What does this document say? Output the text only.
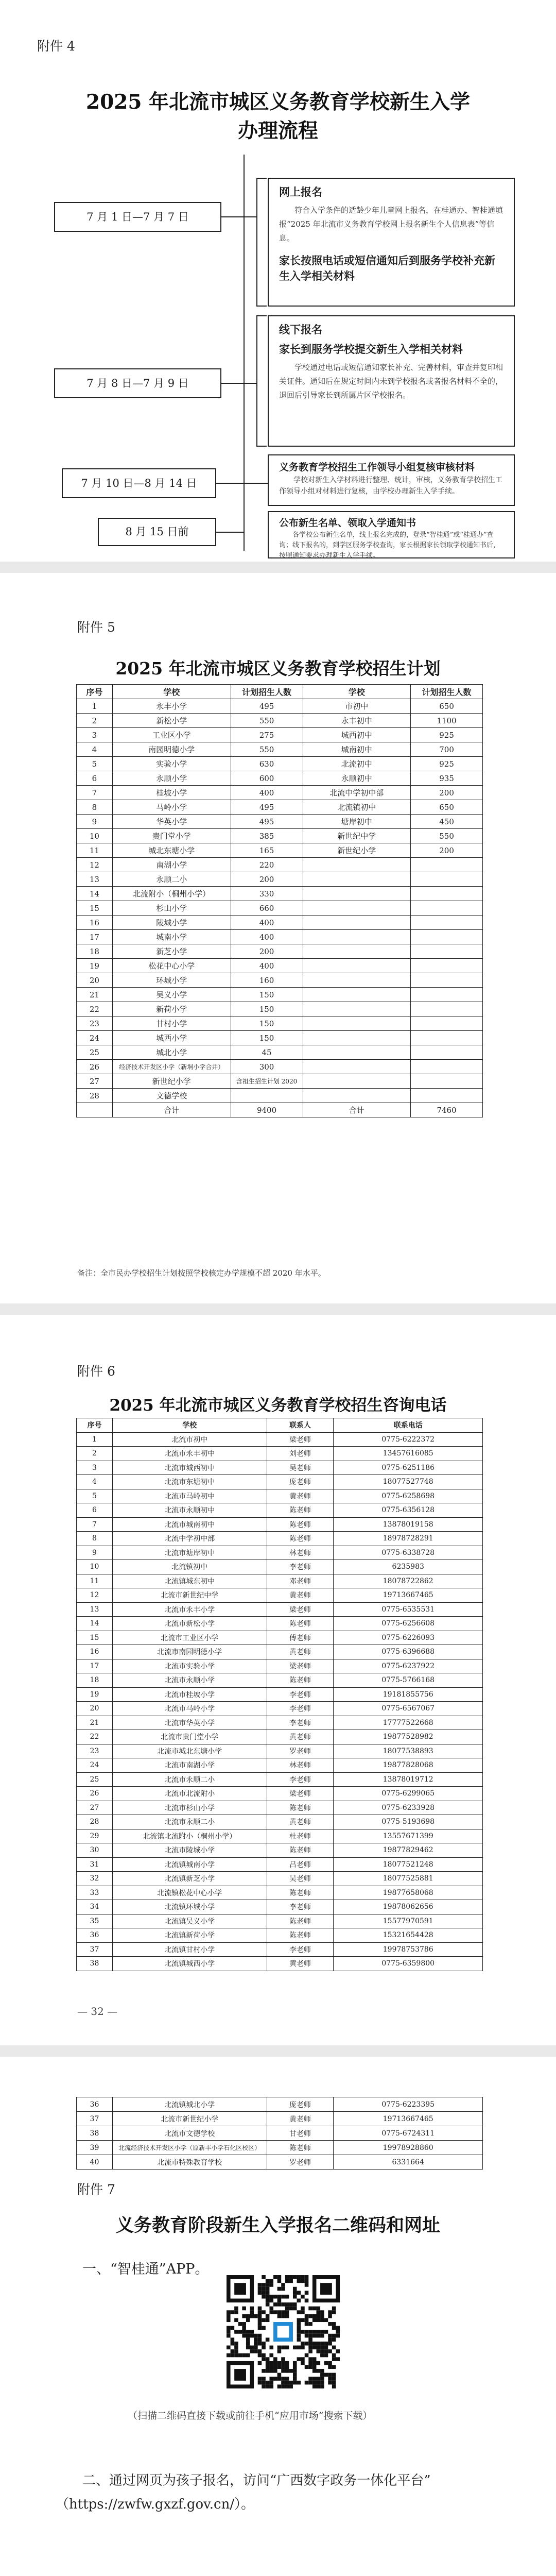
附件 4
2025 年北流市城区义务教育学校新生入学
办理流程
7 月 1 日—7 月 7 日
7 月 8 日—7 月 9 日
7 月 10 日—8 月 14 日
8 月 15 日前
网上报名
符合入学条件的适龄少年儿童网上报名，在桂通办、智桂通填报“2025 年北流市义务教育学校网上报名新生个人信息表”等信息。
家长按照电话或短信通知后到服务学校补充新生入学相关材料
线下报名
家长到服务学校提交新生入学相关材料
学校通过电话或短信通知家长补充、完善材料，审查并复印相关证件。通知后在规定时间内未到学校报名或者报名材料不全的，退回后引导家长到所属片区学校报名。
义务教育学校招生工作领导小组复核审核材料
学校对新生入学材料进行整理、统计，审核，义务教育学校招生工作领导小组对材料进行复核，由学校办理新生入学手续。
公布新生名单、领取入学通知书
各学校公布新生名单，线上报名完成的，登录“智桂通”或“桂通办”查询；线下报名的，到学区服务学校查询，家长根据家长领取学校通知书后，按照通知要求办理新生入学手续。
附件 5
2025 年北流市城区义务教育学校招生计划
序号	学校	计划招生人数	学校	计划招生人数
1	永丰小学	495	市初中	650
2	新松小学	550	永丰初中	1100
3	工业区小学	275	城西初中	925
4	南园明德小学	550	城南初中	700
5	实验小学	630	北流初中	925
6	永顺小学	600	永顺初中	935
7	桂坡小学	400	北流中学初中部	200
8	马岭小学	495	北流镇初中	650
9	华英小学	495	塘岸初中	450
10	贵门堂小学	385	新世纪中学	550
11	城北东塘小学	165	新世纪小学	200
12	南湖小学	220		
13	永顺二小	200		
14	北流附小（桐州小学）	330		
15	杉山小学	660		
16	陵城小学	400		
17	城南小学	400		
18	新芝小学	200		
19	松花中心小学	400		
20	环城小学	160		
21	吴义小学	150		
22	新荷小学	150		
23	甘村小学	150		
24	城西小学	150		
25	城北小学	45		
26	经济技术开发区小学（新垌小学合并）	300		
27	新世纪小学	含祖生招生计划 2020		
28	文德学校			
	合计	9400	合计	7460
备注：全市民办学校招生计划按照学校核定办学规模不超 2020 年水平。
附件 6
2025 年北流市城区义务教育学校招生咨询电话
序号	学校	联系人	联系电话
1	北流市初中	梁老师	0775-6222372
2	北流市永丰初中	刘老师	13457616085
3	北流市城西初中	吴老师	0775-6251186
4	北流市东塘初中	庞老师	18077527748
5	北流市马岭初中	黄老师	0775-6258698
6	北流市永顺初中	陈老师	0775-6356128
7	北流市城南初中	陈老师	13878019158
8	北流中学初中部	陈老师	18978728291
9	北流市塘岸初中	林老师	0775-6338728
10	北流镇初中	李老师	6235983
11	北流镇城东初中	邓老师	18078722862
12	北流市新世纪中学	黄老师	19713667465
13	北流市永丰小学	梁老师	0775-6535531
14	北流市新松小学	陈老师	0775-6256608
15	北流市工业区小学	傅老师	0775-6226093
16	北流市南园明德小学	黄老师	0775-6396688
17	北流市实验小学	梁老师	0775-6237922
18	北流市永顺小学	陈老师	0775-5766168
19	北流市桂坡小学	李老师	19181855756
20	北流市马岭小学	李老师	0775-6567067
21	北流市华英小学	李老师	17777522668
22	北流市贵门堂小学	黄老师	19877528982
23	北流市城北东塘小学	罗老师	18077538893
24	北流市南湖小学	林老师	19877828068
25	北流市永顺二小	李老师	13878019712
26	北流市北流附小	梁老师	0775-6299065
27	北流市杉山小学	陈老师	0775-6233928
28	北流市永顺二小	黄老师	0775-5193698
29	北流镇北流附小（桐州小学）	杜老师	13557671399
30	北流市陵城小学	陈老师	19877829462
31	北流镇城南小学	吕老师	18077521248
32	北流镇新芝小学	吴老师	18077525881
33	北流镇松花中心小学	陈老师	19877658068
34	北流镇环城小学	李老师	19878062656
35	北流镇吴义小学	陈老师	15577970591
36	北流镇新荷小学	陈老师	15321654428
37	北流镇甘村小学	李老师	19978753786
38	北流镇城西小学	黄老师	0775-6359800
— 32 —
36	北流镇城北小学	庞老师	0775-6223395
37	北流市新世纪小学	黄老师	19713667465
38	北流市文德学校	甘老师	0775-6724311
39	北流经济技术开发区小学（原新丰小学石化区校区）	陈老师	19978928860
40	北流市特殊教育学校	罗老师	6331664
附件 7
义务教育阶段新生入学报名二维码和网址
一、“智桂通”APP。
（扫描二维码直接下载或前往手机“应用市场”搜索下载）
二、通过网页为孩子报名，访问“广西数字政务一体化平台”
（https://zwfw.gxzf.gov.cn/）。
